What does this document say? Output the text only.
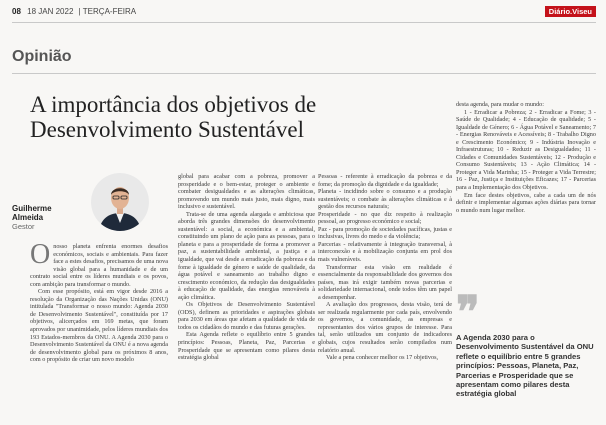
08 18 JAN 2022 | TERÇA-FEIRA	Diário.Viseu
Opinião
A importância dos objetivos de Desenvolvimento Sustentável
Guilherme Almeida
Gestor

Onosso planeta enfrenta enormes desafios económicos, sociais e ambientais. Para fazer face a estes desafios, precisamos de uma nova visão global para a humanidade e de um contrato social entre os líderes mundiais e os povos, com ambição para transformar o mundo.

Com esse propósito, está em vigor desde 2016 a resolução da Organização das Nações Unidas (ONU) intitulada "Transformar o nosso mundo: Agenda 2030 de Desenvolvimento Sustentável", constituída por 17 objetivos, alicerçados em 169 metas, que foram aprovados por unanimidade, pelos líderes mundiais dos 193 Estados-membros da ONU. A Agenda 2030 para o Desenvolvimento Sustentável da ONU é a nova agenda de desenvolvimento global para os próximos 8 anos, com o propósito de criar um novo modelo

global para acabar com a pobreza, promover a prosperidade e o bem-estar, proteger o ambiente e combater desigualdades e as alterações climáticas, promovendo um mundo mais justo, mais digno, mais inclusivo e sustentável.

Trata-se de uma agenda alargada e ambiciosa que aborda três grandes dimensões do desenvolvimento sustentável: a social, a económica e a ambiental, constituindo um plano de ação para as pessoas, para o planeta e para a prosperidade de forma a promover a paz, a sustentabilidade ambiental, a justiça e a igualdade, que vai desde a erradicação da pobreza e da fome à igualdade de género e saúde de qualidade, da água potável e saneamento ao trabalho digno e crescimento económico, da redução das desigualdades à educação de qualidade, das energias renováveis à ação climática.

Os Objetivos de Desenvolvimento Sustentável (ODS), definem as prioridades e aspirações globais para 2030 em áreas que afetam a qualidade de vida de todos os cidadãos do mundo e das futuras gerações.

Esta Agenda reflete o equilíbrio entre 5 grandes princípios: Pessoas, Planeta, Paz, Parcerias e Prosperidade que se apresentam como pilares desta estratégia global

Pessoas - referente à erradicação da pobreza e da fome; da promoção da dignidade e da igualdade;

Planeta - incidindo sobre o consumo e a produção sustentáveis; o combate às alterações climáticas e à gestão dos recursos naturais;

Prosperidade - no que diz respeito à realização pessoal, ao progresso económico e social;

Paz - para promoção de sociedades pacíficas, justas e inclusivas, livres do medo e da violência;

Parcerias - relativamente à integração transversal, à interconexão e à mobilização conjunta em prol dos mais vulneráveis.

Transformar esta visão em realidade é essencialmente da responsabilidade dos governos dos países, mas irá exigir também novas parcerias e solidariedade internacional, onde todos têm um papel a desempenhar.

A avaliação dos progressos, desta visão, terá de ser realizada regularmente por cada país, envolvendo os governos, a comunidade, as empresas e representantes dos vários grupos de interesse. Para tal, serão utilizados um conjunto de indicadores globais, cujos resultados serão compilados num relatório anual.

Vale a pena conhecer melhor os 17 objetivos,

desta agenda, para mudar o mundo:

1 - Erradicar a Pobreza; 2 - Erradicar a Fome; 3 - Saúde de Qualidade; 4 - Educação de qualidade; 5 - Igualdade de Género; 6 - Água Potável e Saneamento; 7 - Energias Renováveis e Acessíveis; 8 - Trabalho Digno e Crescimento Económico; 9 - Indústria Inovação e Infraestruturas; 10 - Reduzir as Desigualdades; 11 - Cidades e Comunidades Sustentáveis; 12 - Produção e Consumo Sustentáveis; 13 - Ação Climática; 14 - Proteger a Vida Marinha; 15 - Proteger a Vida Terrestre; 16 - Paz, Justiça e Instituições Eficazes; 17 - Parcerias para a Implementação dos Objetivos.

Em face destes objetivos, cabe a cada um de nós definir e implementar algumas ações diárias para tornar o mundo num lugar melhor.

❞
A Agenda 2030 para o Desenvolvimento Sustentável da ONU reflete o equilíbrio entre 5 grandes princípios: Pessoas, Planeta, Paz, Parcerias e Prosperidade que se apresentam como pilares desta estratégia global
